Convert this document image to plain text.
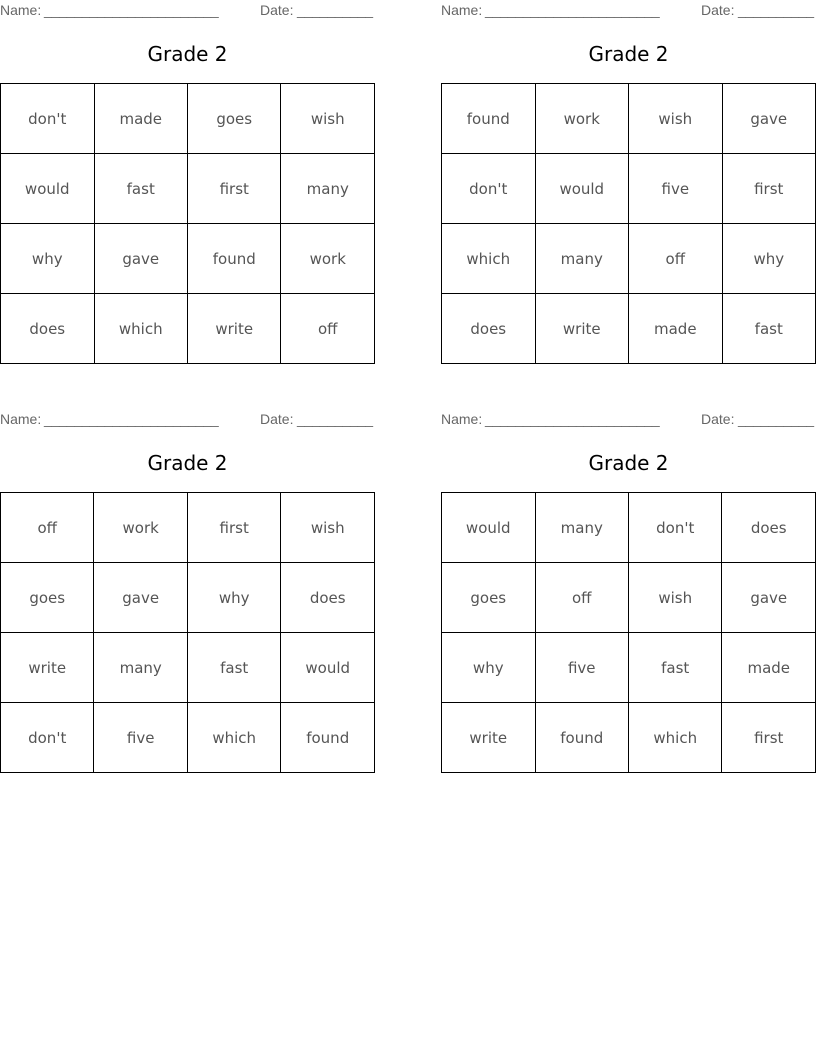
Name: _______________________	Date: __________
Grade 2
don't	made	goes	wish
would	fast	first	many
why	gave	found	work
does	which	write	off
Name: _______________________	Date: __________
Grade 2
found	work	wish	gave
don't	would	five	first
which	many	off	why
does	write	made	fast
Name: _______________________	Date: __________
Grade 2
off	work	first	wish
goes	gave	why	does
write	many	fast	would
don't	five	which	found
Name: _______________________	Date: __________
Grade 2
would	many	don't	does
goes	off	wish	gave
why	five	fast	made
write	found	which	first
